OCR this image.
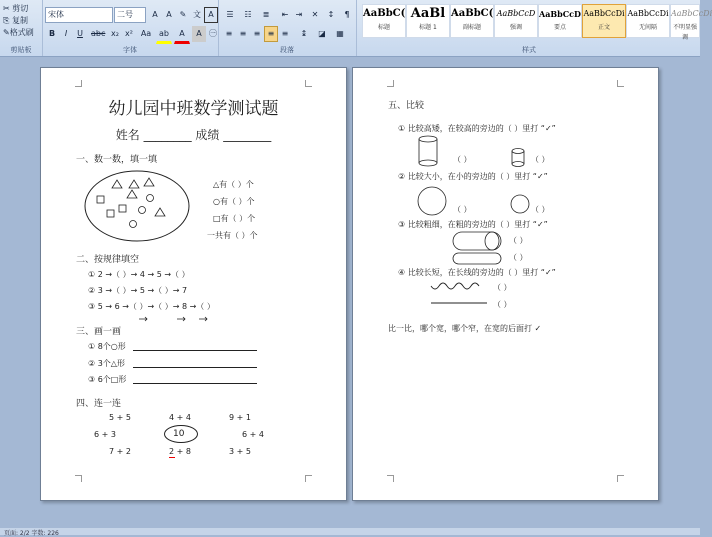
✂ 剪切
⎘ 复制
✎格式刷
剪贴板
宋体	二号	A	A ✎ 文 A
B	I	U	abc x₂ x² Aa ab	A	A ㊀
字体
☰	☷	≣	⇤ ⇥	✕	↕	¶
≡ ≡ ≡ ≡ ≡	↨	◪	▦
段落
AaBbC(
标题
AaBl
标题 1
AaBbC(
副标题
AaBbCcD
强调
AaBbCcD
要点
AaBbCcDi
正文
AaBbCcDi
无间隔
AaBbCcDi
不明显强调
样式
幼儿园中班数学测试题
姓名 ________ 成绩 ________
一、数一数，填一填
△有（ ）个
○有（ ）个
□有（ ）个
一共有（ ）个
二、按规律填空
① 2 →（ ）→ 4 → 5 →（ ）
② 3 →（ ）→ 5 →（ ）→ 7
③ 5 → 6 →（ ）→（ ）→ 8 →（ ）
三、画一画
① 8个○形
② 3个△形
③ 6个□形
四、连一连
5 + 5	4 + 4	9 + 1
6 + 3	10	6 + 4
7 + 2	2 + 8	3 + 5
五、比较
① 比较高矮，在较高的旁边的（ ）里打 “✓”
（ ）	（ ）
② 比较大小，在小的旁边的（ ）里打 “✓”
（ ）	（ ）
③ 比较粗细，在粗的旁边的（ ）里打 “✓”
（ ）
（ ）
④ 比较长短，在长线的旁边的（ ）里打 “✓”
（ ）
（ ）
比一比，哪个宽，哪个窄，在宽的后面打 ✓
页面: 2/2 字数: 226
